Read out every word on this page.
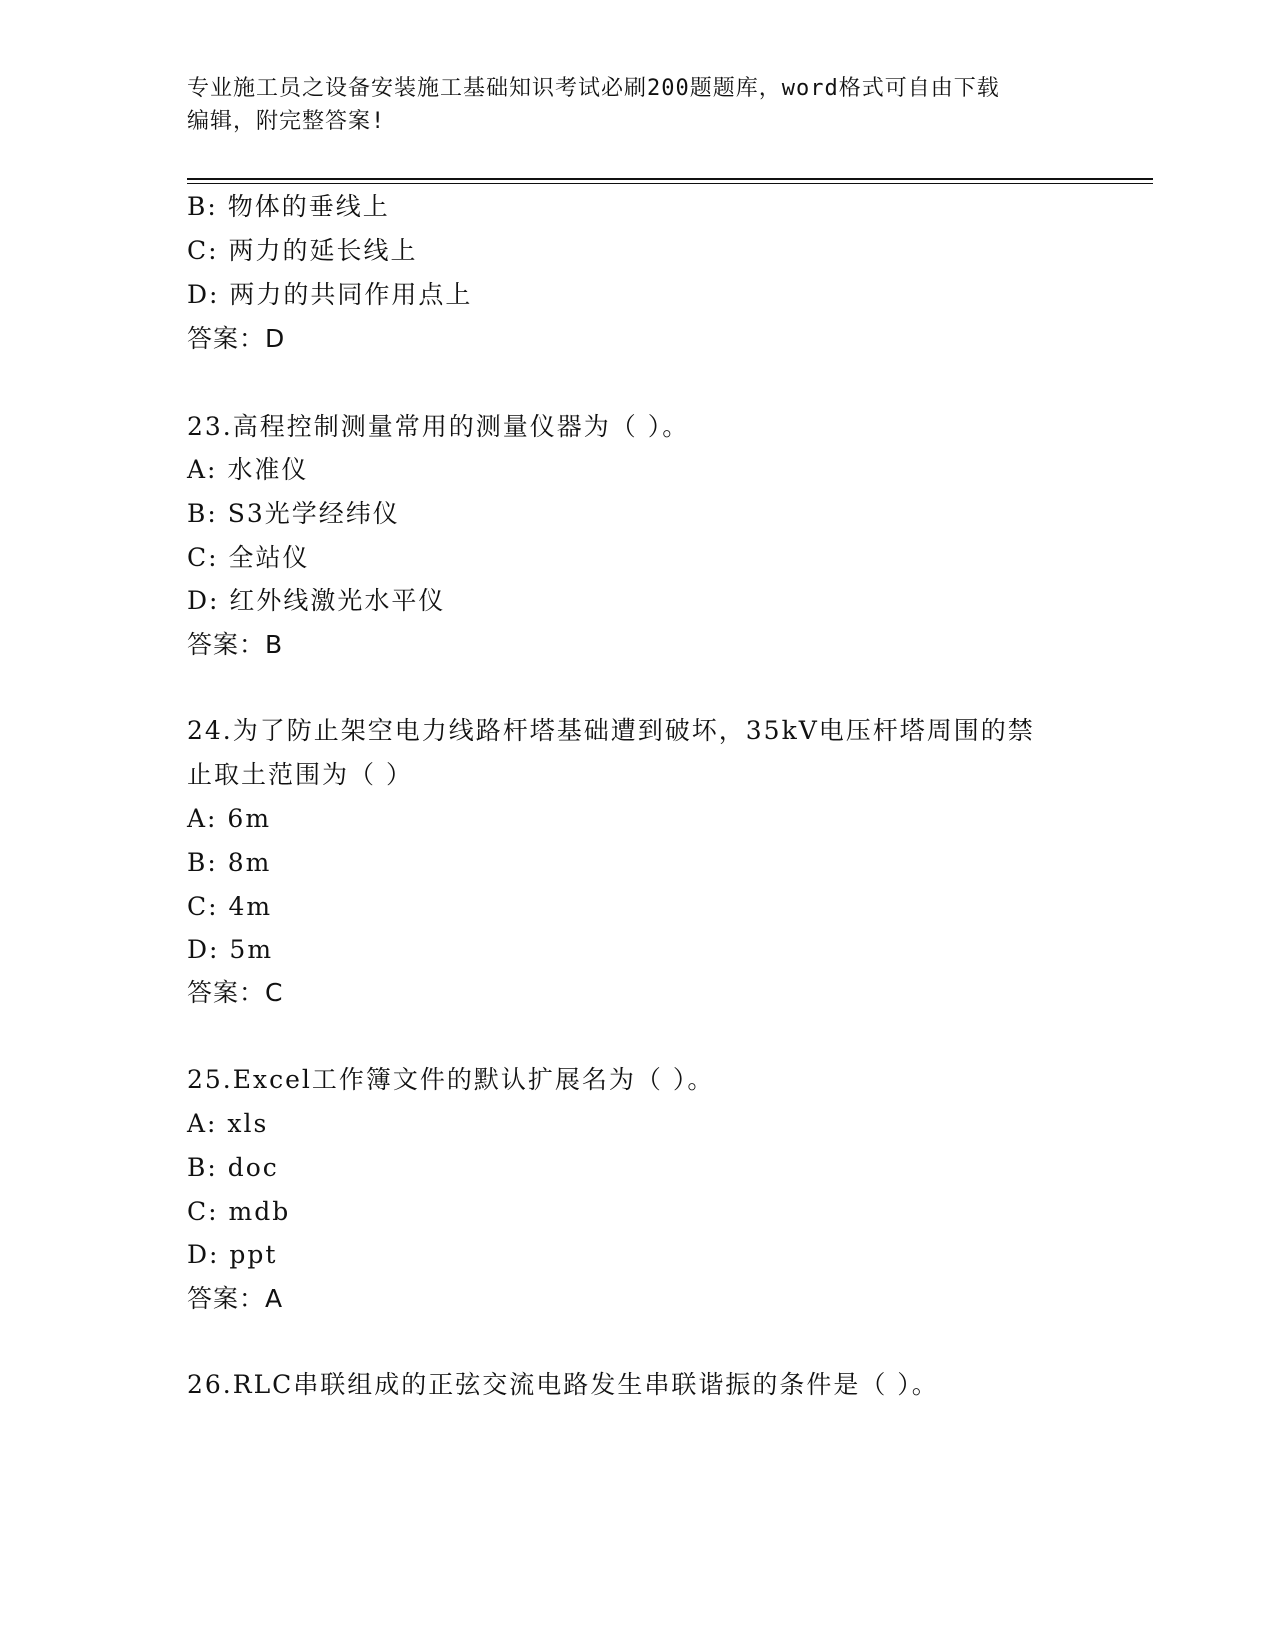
专业施工员之设备安装施工基础知识考试必刷200题题库，word格式可自由下载
编辑，附完整答案!
B: 物体的垂线上
C: 两力的延长线上
D: 两力的共同作用点上
答案：D
23.高程控制测量常用的测量仪器为（ ）。
A: 水准仪
B: S3光学经纬仪
C: 全站仪
D: 红外线激光水平仪
答案：B
24.为了防止架空电力线路杆塔基础遭到破坏，35kV电压杆塔周围的禁
止取土范围为（ ）
A: 6m
B: 8m
C: 4m
D: 5m
答案：C
25.Excel工作簿文件的默认扩展名为（ ）。
A: xls
B: doc
C: mdb
D: ppt
答案：A
26.RLC串联组成的正弦交流电路发生串联谐振的条件是（ ）。
